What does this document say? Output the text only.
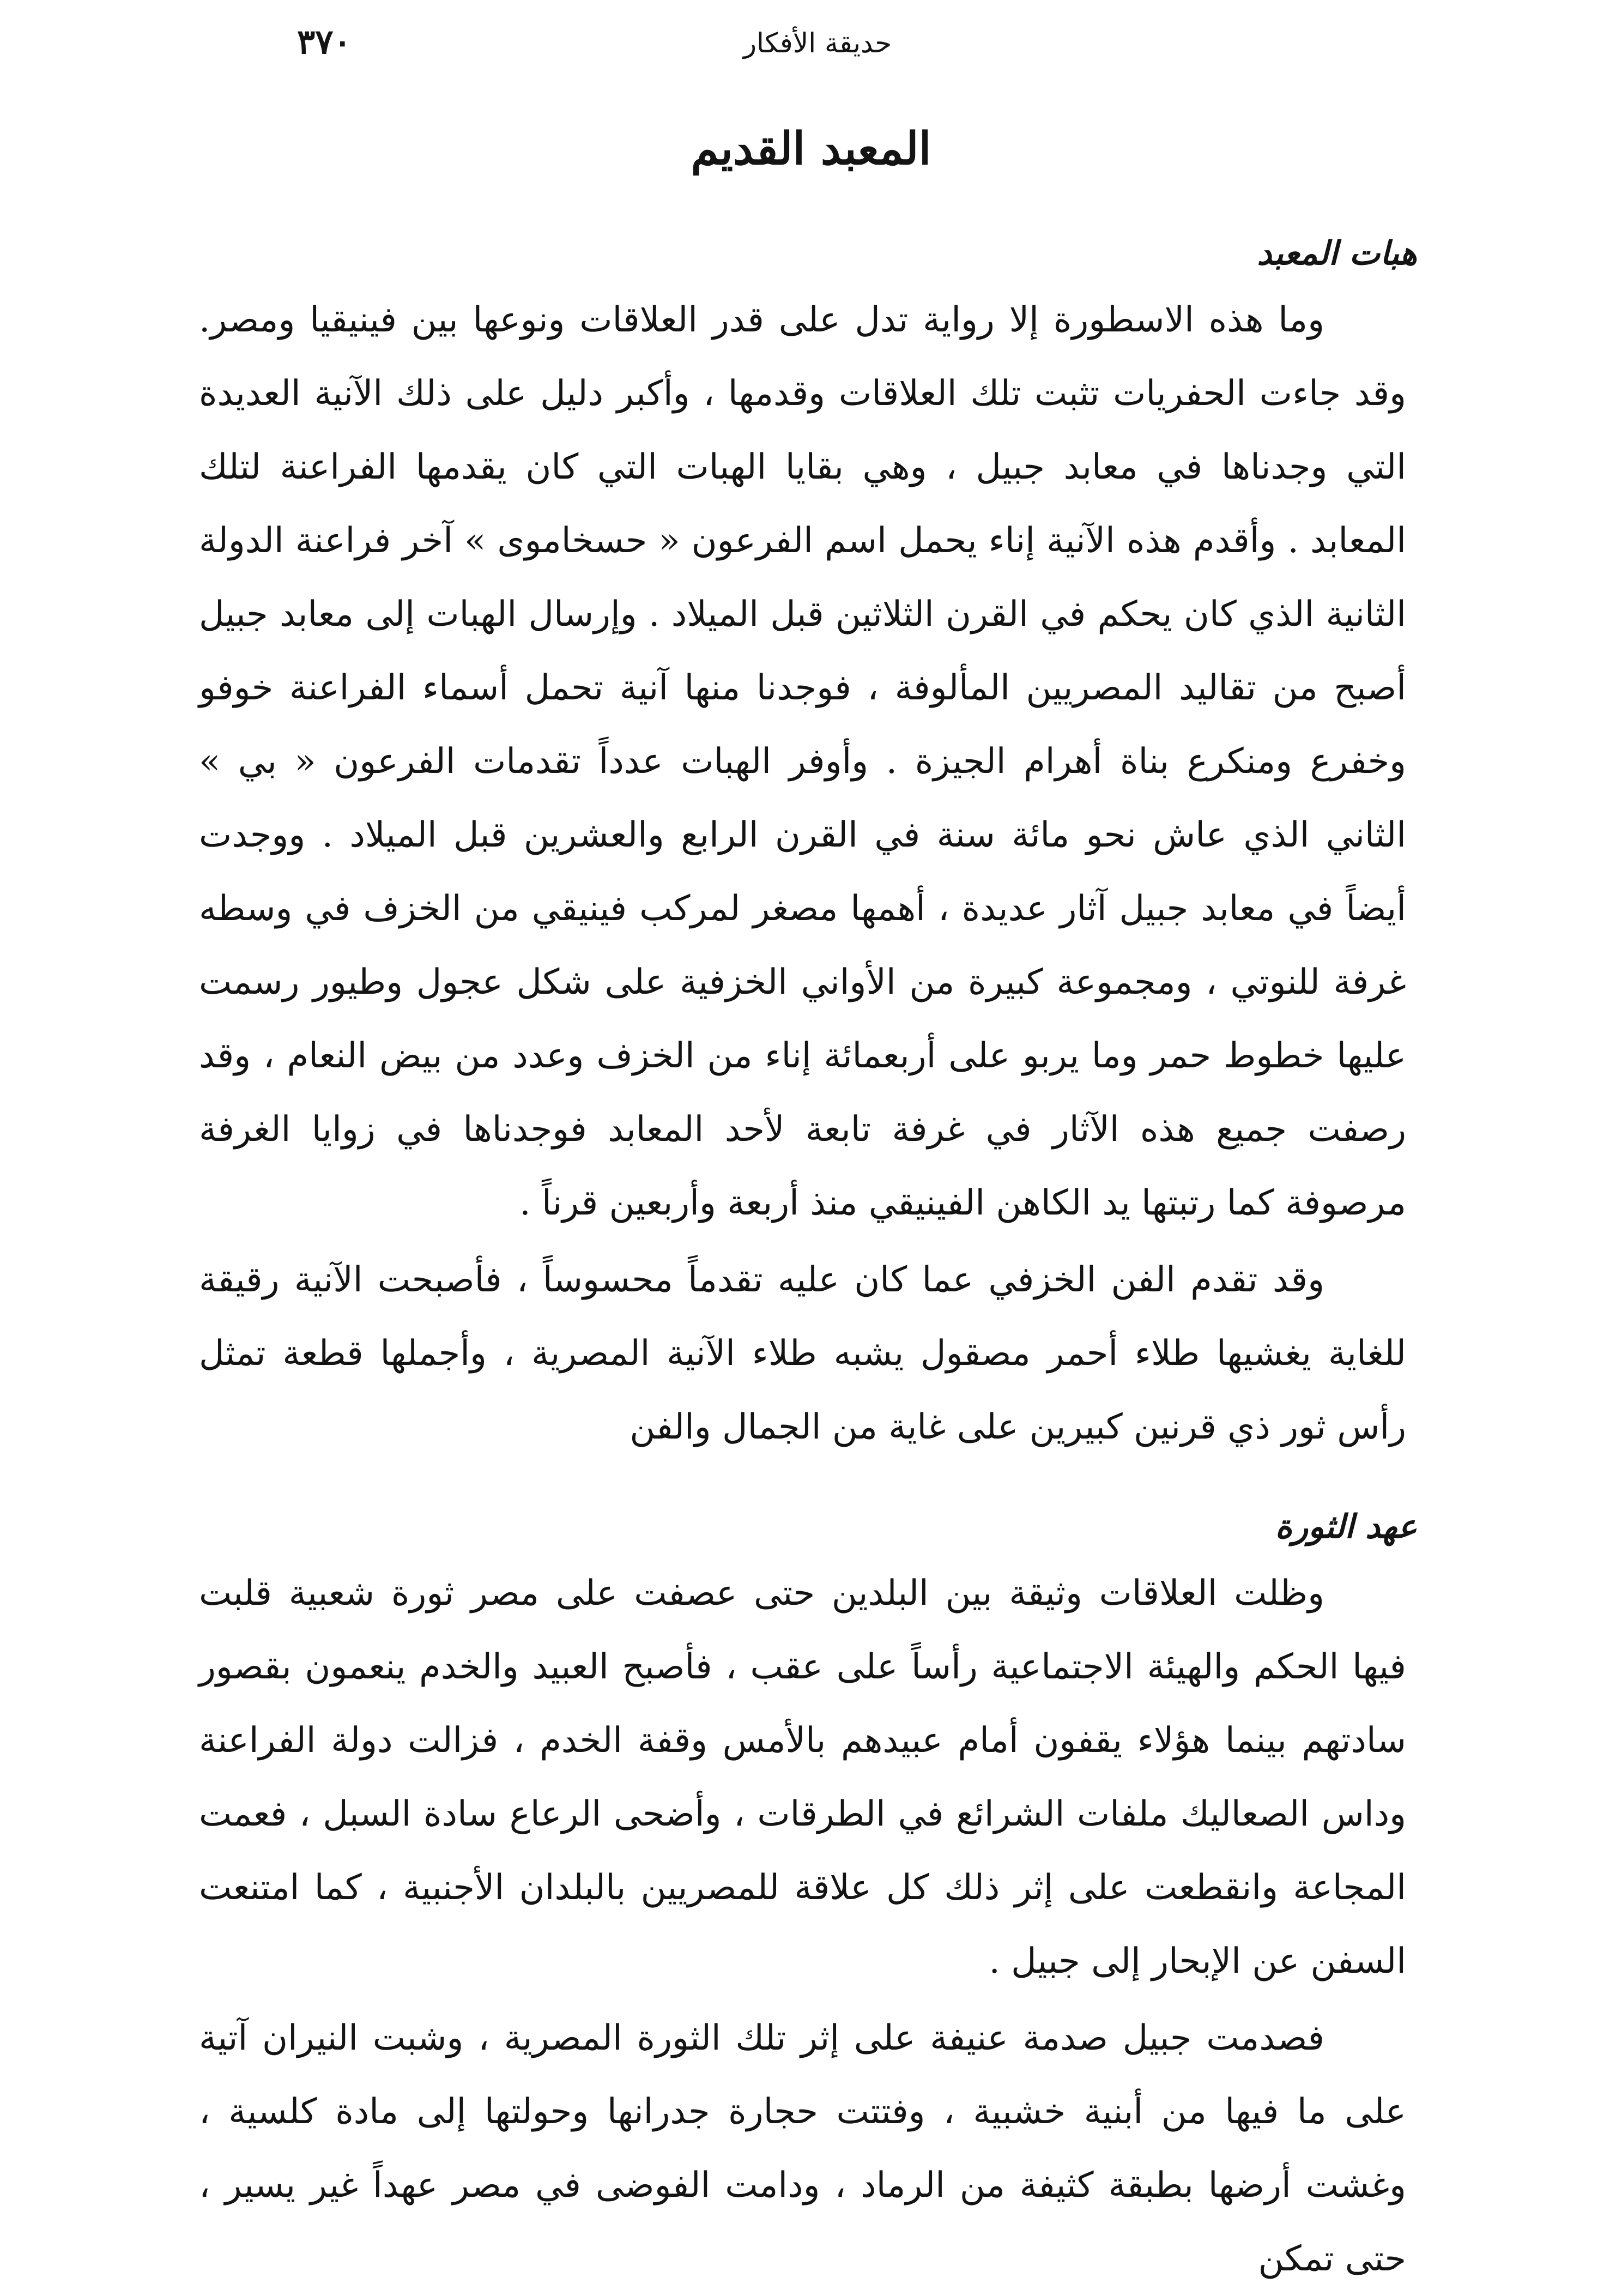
٣٧٠	حديقة الأفكار
المعبد القديم
هبات المعبد

وما هذه الاسطورة إلا رواية تدل على قدر العلاقات ونوعها بين فينيقيا ومصر. وقد جاءت الحفريات تثبت تلك العلاقات وقدمها ، وأكبر دليل على ذلك الآنية العديدة التي وجدناها في معابد جبيل ، وهي بقايا الهبات التي كان يقدمها الفراعنة لتلك المعابد . وأقدم هذه الآنية إناء يحمل اسم الفرعون « حسخاموى » آخر فراعنة الدولة الثانية الذي كان يحكم في القرن الثلاثين قبل الميلاد . وإرسال الهبات إلى معابد جبيل أصبح من تقاليد المصريين المألوفة ، فوجدنا منها آنية تحمل أسماء الفراعنة خوفو وخفرع ومنكرع بناة أهرام الجيزة . وأوفر الهبات عدداً تقدمات الفرعون « بي » الثاني الذي عاش نحو مائة سنة في القرن الرابع والعشرين قبل الميلاد . ووجدت أيضاً في معابد جبيل آثار عديدة ، أهمها مصغر لمركب فينيقي من الخزف في وسطه غرفة للنوتي ، ومجموعة كبيرة من الأواني الخزفية على شكل عجول وطيور رسمت عليها خطوط حمر وما يربو على أربعمائة إناء من الخزف وعدد من بيض النعام ، وقد رصفت جميع هذه الآثار في غرفة تابعة لأحد المعابد فوجدناها في زوايا الغرفة مرصوفة كما رتبتها يد الكاهن الفينيقي منذ أربعة وأربعين قرناً .

وقد تقدم الفن الخزفي عما كان عليه تقدماً محسوساً ، فأصبحت الآنية رقيقة للغاية يغشيها طلاء أحمر مصقول يشبه طلاء الآنية المصرية ، وأجملها قطعة تمثل رأس ثور ذي قرنين كبيرين على غاية من الجمال والفن

عهد الثورة

وظلت العلاقات وثيقة بين البلدين حتى عصفت على مصر ثورة شعبية قلبت فيها الحكم والهيئة الاجتماعية رأساً على عقب ، فأصبح العبيد والخدم ينعمون بقصور سادتهم بينما هؤلاء يقفون أمام عبيدهم بالأمس وقفة الخدم ، فزالت دولة الفراعنة وداس الصعاليك ملفات الشرائع في الطرقات ، وأضحى الرعاع سادة السبل ، فعمت المجاعة وانقطعت على إثر ذلك كل علاقة للمصريين بالبلدان الأجنبية ، كما امتنعت السفن عن الإبحار إلى جبيل .

فصدمت جبيل صدمة عنيفة على إثر تلك الثورة المصرية ، وشبت النيران آتية على ما فيها من أبنية خشبية ، وفتتت حجارة جدرانها وحولتها إلى مادة كلسية ، وغشت أرضها بطبقة كثيفة من الرماد ، ودامت الفوضى في مصر عهداً غير يسير ، حتى تمكن
